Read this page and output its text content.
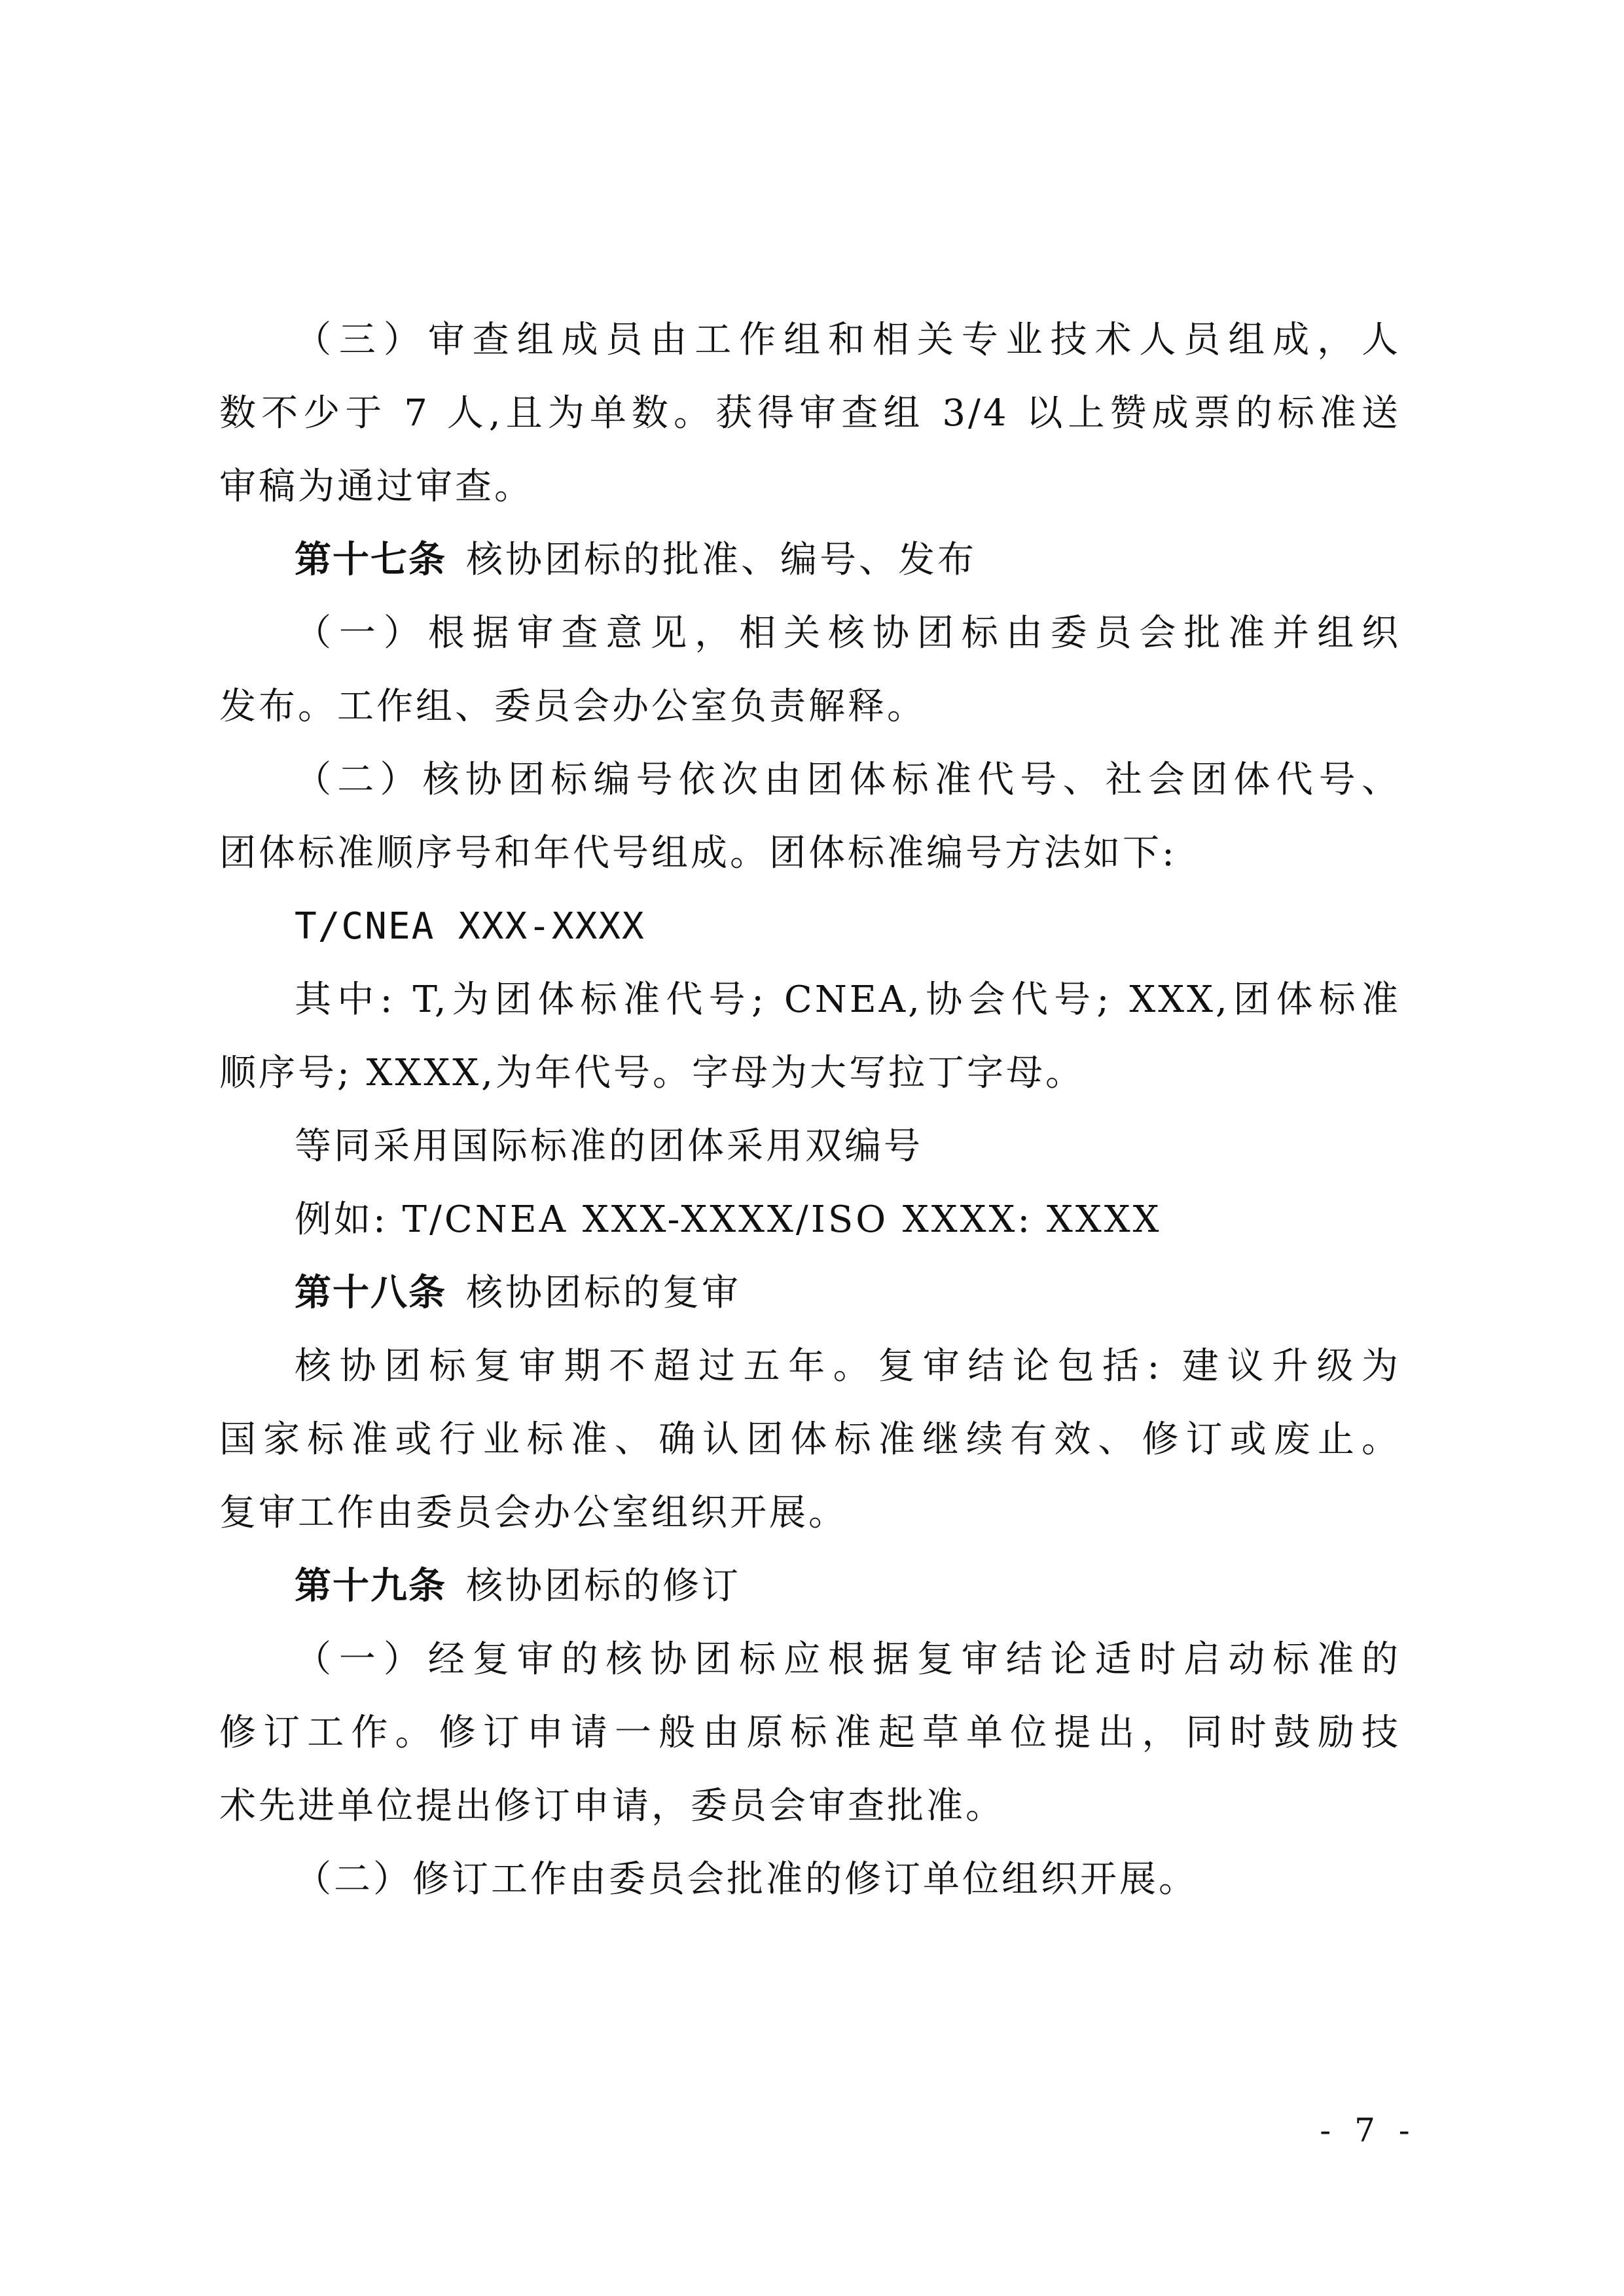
（三）审查组成员由工作组和相关专业技术人员组成，人
数不少于 7 人,且为单数。获得审查组 3/4 以上赞成票的标准送
审稿为通过审查。
第十七条 核协团标的批准、编号、发布
（一）根据审查意见，相关核协团标由委员会批准并组织
发布。工作组、委员会办公室负责解释。
（二）核协团标编号依次由团体标准代号、社会团体代号、
团体标准顺序号和年代号组成。团体标准编号方法如下:
T/CNEA XXX-XXXX
其中: T,为团体标准代号; CNEA,协会代号; XXX,团体标准
顺序号; XXXX,为年代号。字母为大写拉丁字母。
等同采用国际标准的团体采用双编号
例如: T/CNEA XXX-XXXX/ISO XXXX: XXXX
第十八条 核协团标的复审
核协团标复审期不超过五年。复审结论包括: 建议升级为
国家标准或行业标准、确认团体标准继续有效、修订或废止。
复审工作由委员会办公室组织开展。
第十九条 核协团标的修订
（一）经复审的核协团标应根据复审结论适时启动标准的
修订工作。修订申请一般由原标准起草单位提出，同时鼓励技
术先进单位提出修订申请，委员会审查批准。
（二）修订工作由委员会批准的修订单位组织开展。
- 7 -
